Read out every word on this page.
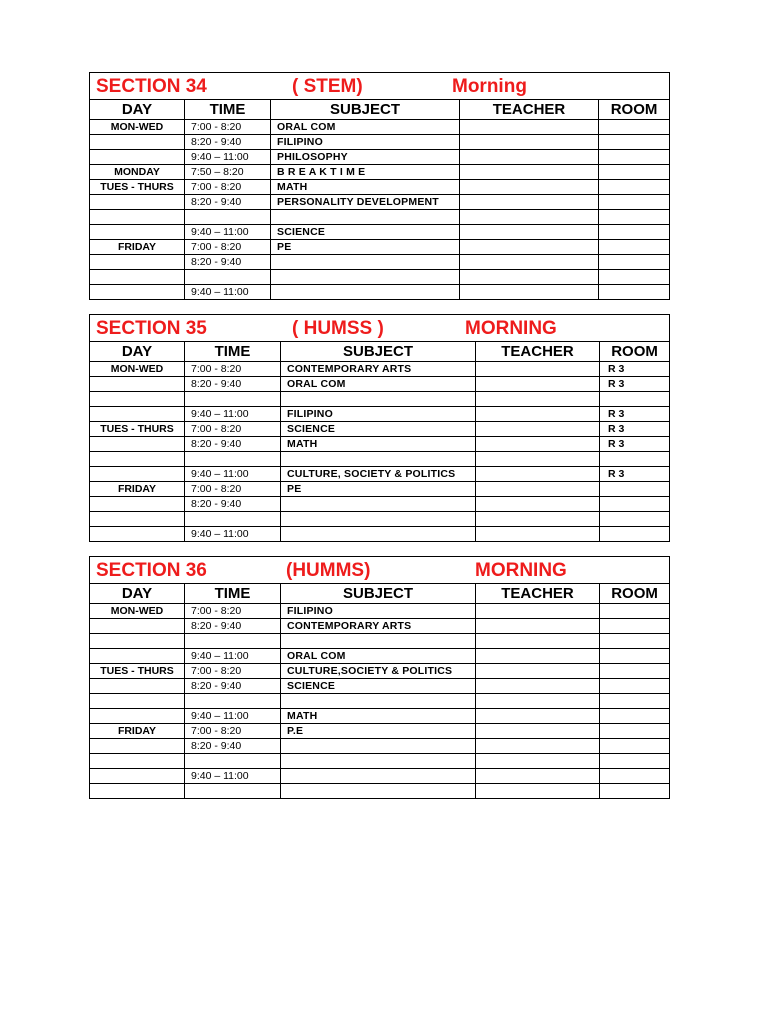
SECTION 34 ( STEM) Morning				

DAY	TIME	SUBJECT	TEACHER	ROOM
MON-WED	7:00 - 8:20	ORAL COM		
	8:20 - 9:40	FILIPINO		
	9:40 – 11:00	PHILOSOPHY		
MONDAY	7:50 – 8:20	B R E A K T I M E		
TUES - THURS	7:00 - 8:20	MATH		
	8:20 - 9:40	PERSONALITY DEVELOPMENT		

	9:40 – 11:00	SCIENCE		
FRIDAY	7:00 - 8:20	PE		
	8:20 - 9:40			

	9:40 – 11:00			
SECTION 35 ( HUMSS ) MORNING				

DAY	TIME	SUBJECT	TEACHER	ROOM
MON-WED	7:00 - 8:20	CONTEMPORARY ARTS		R 3
	8:20 - 9:40	ORAL COM		R 3

	9:40 – 11:00	FILIPINO		R 3
TUES - THURS	7:00 - 8:20	SCIENCE		R 3
	8:20 - 9:40	MATH		R 3

	9:40 – 11:00	CULTURE, SOCIETY & POLITICS		R 3
FRIDAY	7:00 - 8:20	PE		
	8:20 - 9:40			

	9:40 – 11:00			
SECTION 36 (HUMMS) MORNING				

DAY	TIME	SUBJECT	TEACHER	ROOM
MON-WED	7:00 - 8:20	FILIPINO		
	8:20 - 9:40	CONTEMPORARY ARTS		

	9:40 – 11:00	ORAL COM		
TUES - THURS	7:00 - 8:20	CULTURE,SOCIETY & POLITICS		
	8:20 - 9:40	SCIENCE		

	9:40 – 11:00	MATH		
FRIDAY	7:00 - 8:20	P.E		
	8:20 - 9:40			

	9:40 – 11:00			
